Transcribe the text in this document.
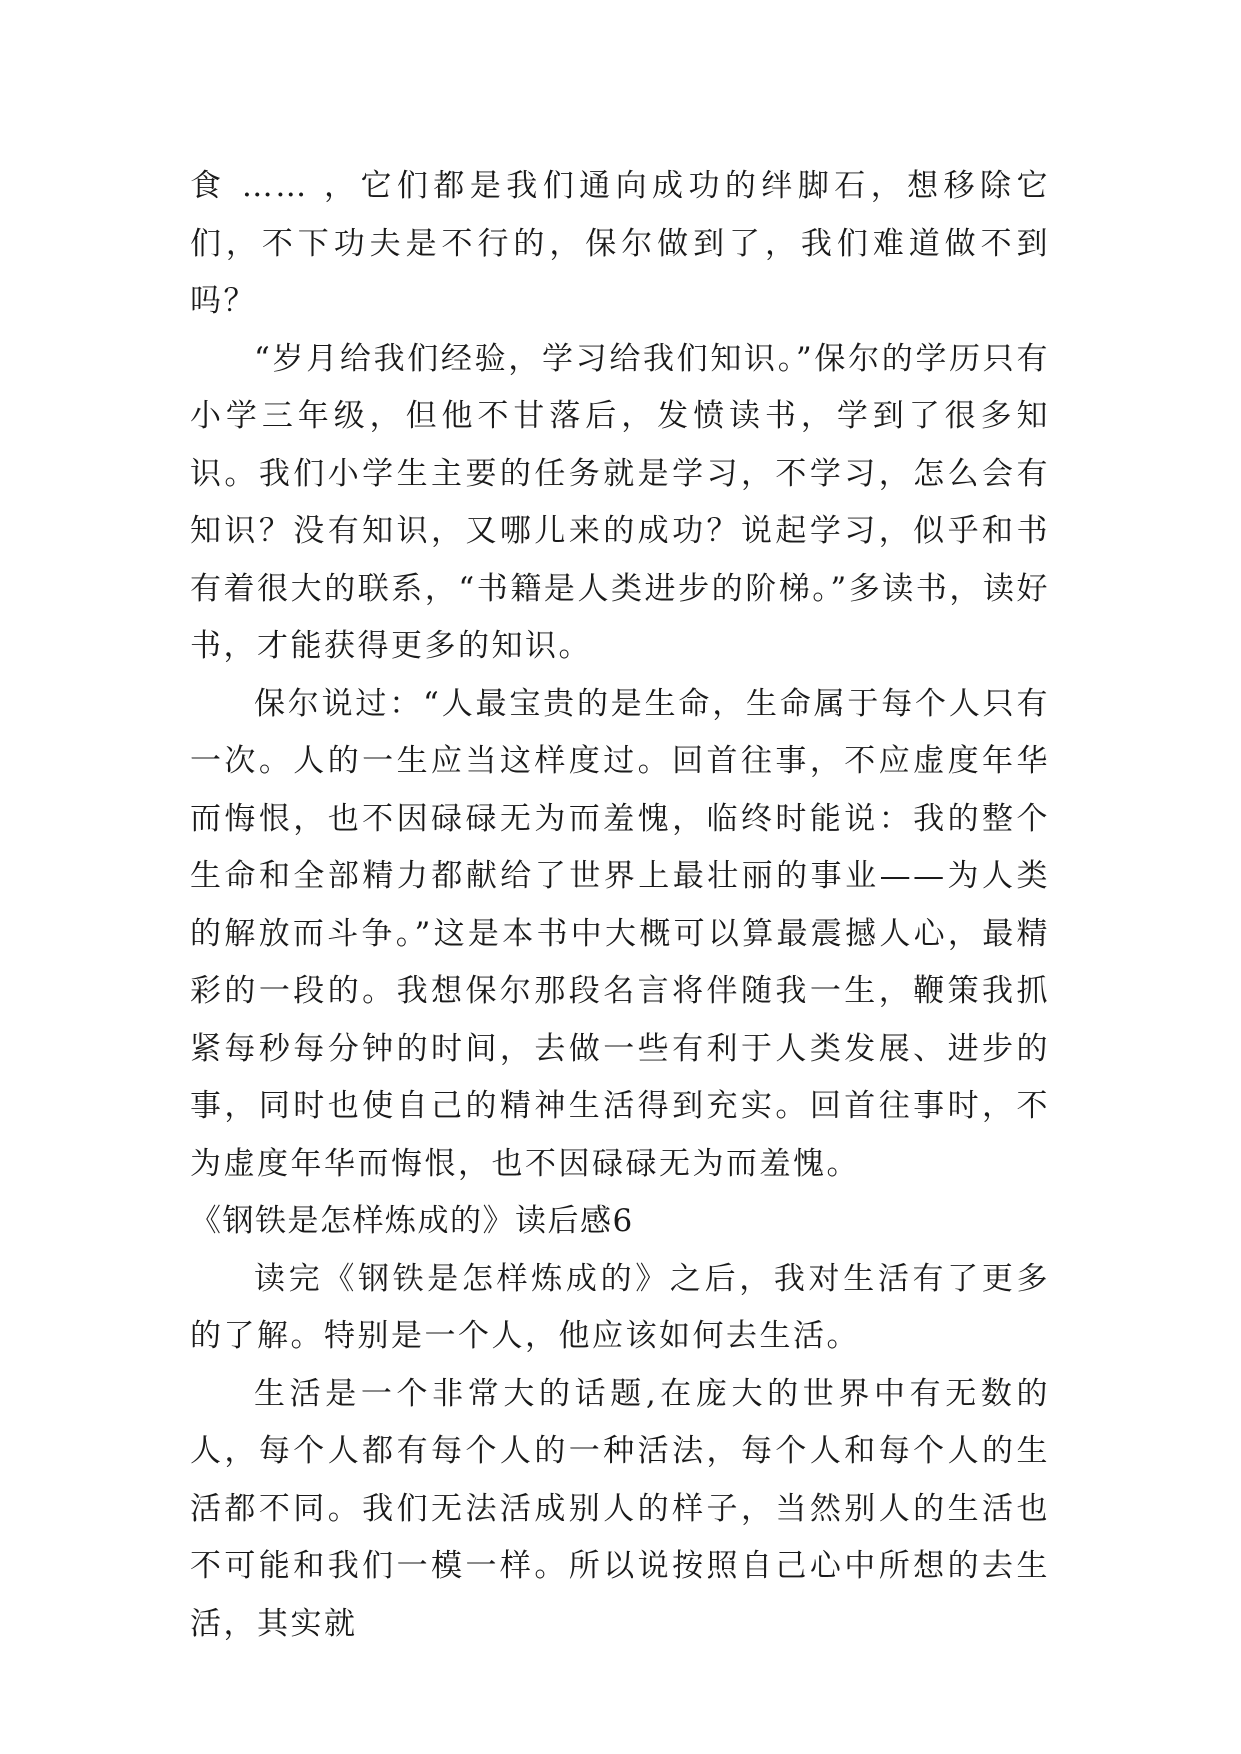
食 …… ，它们都是我们通向成功的绊脚石，想移除它们，不下功夫是不行的，保尔做到了，我们难道做不到吗？

“岁月给我们经验，学习给我们知识。”保尔的学历只有小学三年级，但他不甘落后，发愤读书，学到了很多知识。我们小学生主要的任务就是学习，不学习，怎么会有知识？没有知识，又哪儿来的成功？说起学习，似乎和书有着很大的联系，“书籍是人类进步的阶梯。”多读书，读好书，才能获得更多的知识。

保尔说过：“人最宝贵的是生命，生命属于每个人只有一次。人的一生应当这样度过。回首往事，不应虚度年华而悔恨，也不因碌碌无为而羞愧，临终时能说：我的整个生命和全部精力都献给了世界上最壮丽的事业——为人类的解放而斗争。”这是本书中大概可以算最震撼人心，最精彩的一段的。我想保尔那段名言将伴随我一生，鞭策我抓紧每秒每分钟的时间，去做一些有利于人类发展、进步的事，同时也使自己的精神生活得到充实。回首往事时，不为虚度年华而悔恨，也不因碌碌无为而羞愧。

《钢铁是怎样炼成的》读后感6

读完《钢铁是怎样炼成的》之后，我对生活有了更多的了解。特别是一个人，他应该如何去生活。

生活是一个非常大的话题,在庞大的世界中有无数的人，每个人都有每个人的一种活法，每个人和每个人的生活都不同。我们无法活成别人的样子，当然别人的生活也不可能和我们一模一样。所以说按照自己心中所想的去生活，其实就
